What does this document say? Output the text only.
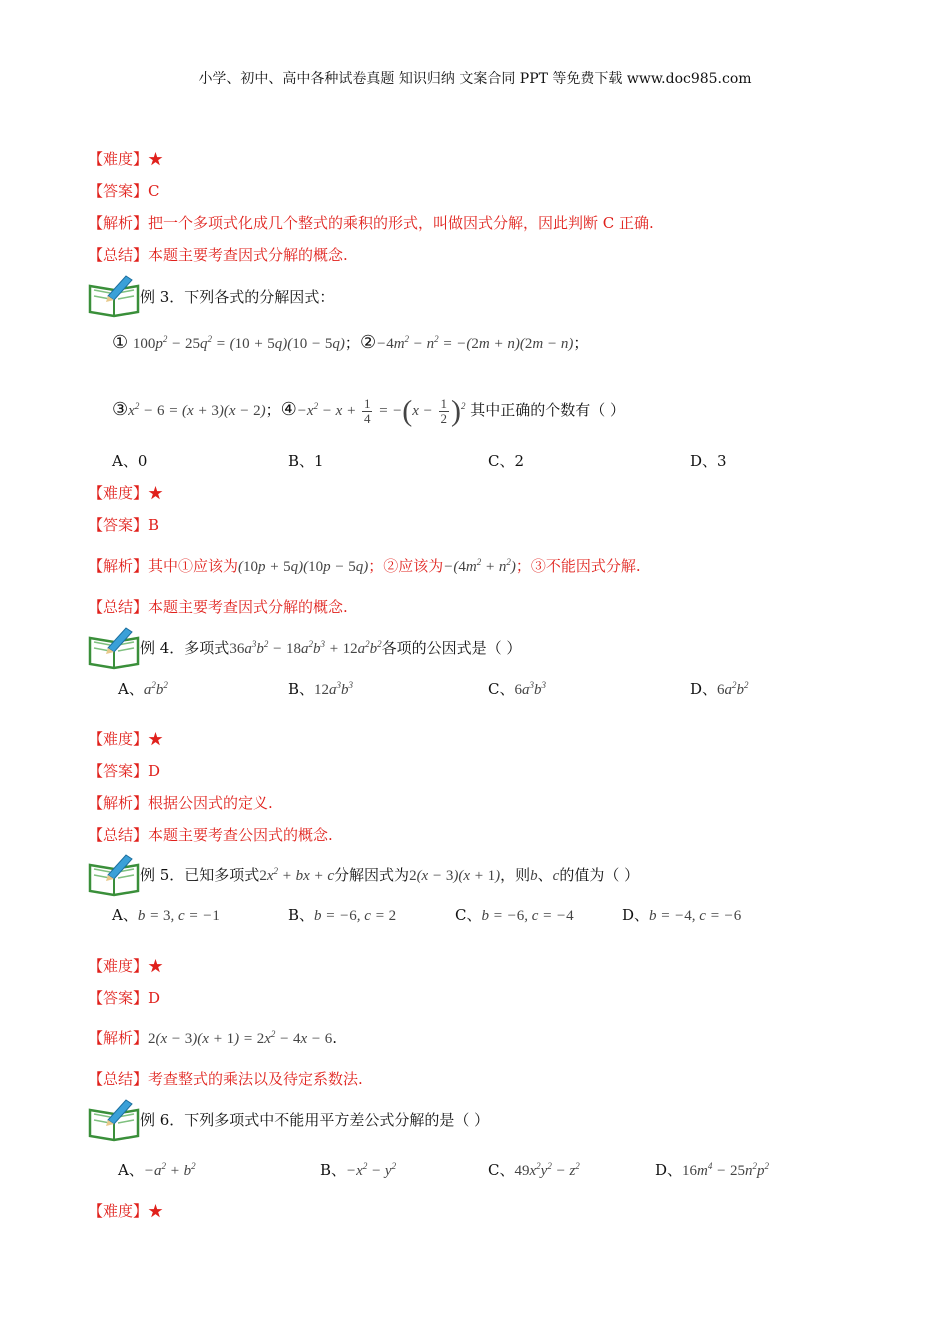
小学、初中、高中各种试卷真题 知识归纳 文案合同 PPT 等免费下载 www.doc985.com
【难度】★
【答案】C
【解析】把一个多项式化成几个整式的乘积的形式，叫做因式分解，因此判断 C 正确.
【总结】本题主要考查因式分解的概念.
例 3．下列各式的分解因式：
① $100p^2 - 25q^2 = (10 + 5q)(10 - 5q)$；$②-4m^2 - n^2 = -(2m + n)(2m - n)$；
$③x^2 - 6 = (x + 3)(x - 2)$；$④-x^2 - x + \frac{1}{4} = -(x - \frac{1}{2} )^2$ 其中正确的个数有（ ）
A、0	B、1	C、2	D、3
【难度】★
【答案】B
【解析】其中①应该为(10p + 5q)(10p − 5q)；②应该为$-(4m^2 + n^2)$；③不能因式分解.
【总结】本题主要考查因式分解的概念.
例 4．多项式$36a^3b^2 - 18a^2b^3 + 12a^2b^2$各项的公因式是（ ）
A、$a^2b^2$	B、$12a^3b^3$	C、$6a^3b^3$	D、$6a^2b^2$
【难度】★
【答案】D
【解析】根据公因式的定义.
【总结】本题主要考查公因式的概念.
例 5．已知多项式$2x^2$ + bx + c分解因式为2(x − 3)(x + 1)，则b、c的值为（ ）
A、b = 3, c = −1	B、b = −6, c = 2	C、b = −6, c = −4	D、b = −4, c = −6
【难度】★
【答案】D
【解析】$2(x - 3)(x + 1) = 2x^2 - 4x - 6$.
【总结】考查整式的乘法以及待定系数法.
例 6．下列多项式中不能用平方差公式分解的是（ ）
A、$-a^2 + b^2$	B、$-x^2 - y^2$	C、$49x^2y^2 - z^2$	D、$16m^4 - 25n^2p^2$
【难度】★
